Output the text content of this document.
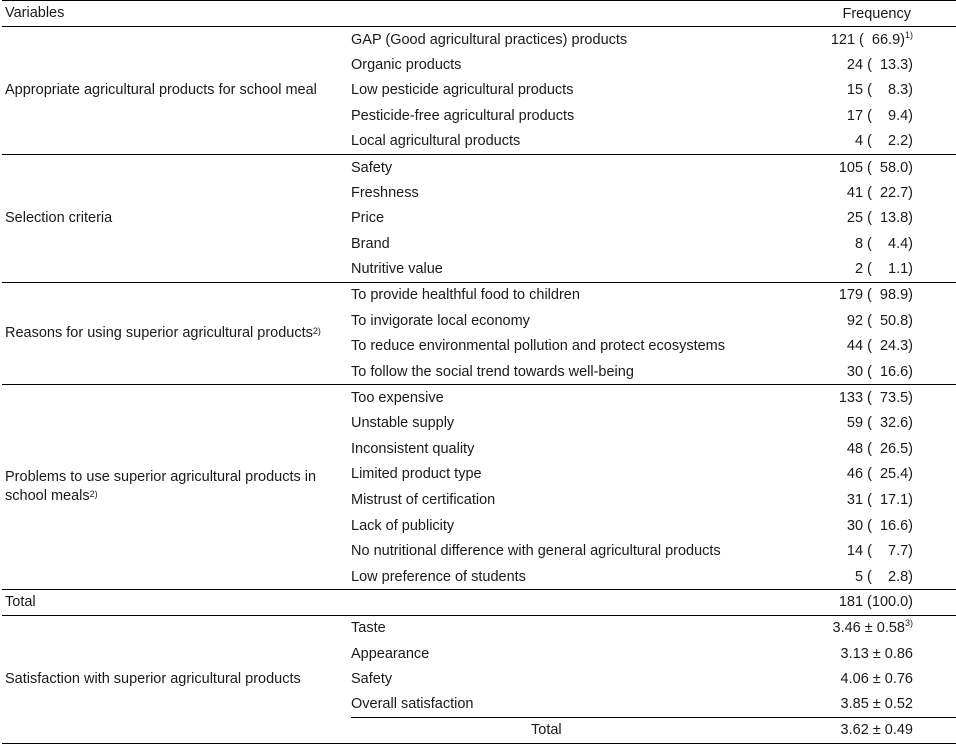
Variables		Frequency
Appropriate agricultural products for school meal	GAP (Good agricultural practices) products	121 (  66.9)$^{1)}$
	Organic products	24 (  13.3)
	Low pesticide agricultural products	15 (    8.3)
	Pesticide-free agricultural products	17 (    9.4)
	Local agricultural products	4 (    2.2)
Selection criteria	Safety	105 (  58.0)
	Freshness	41 (  22.7)
	Price	25 (  13.8)
	Brand	8 (    4.4)
	Nutritive value	2 (    1.1)
Reasons for using superior agricultural products$^{2)}$	To provide healthful food to children	179 (  98.9)
	To invigorate local economy	92 (  50.8)
	To reduce environmental pollution and protect ecosystems	44 (  24.3)
	To follow the social trend towards well-being	30 (  16.6)
Problems to use superior agricultural products in school meals$^{2)}$	Too expensive	133 (  73.5)
	Unstable supply	59 (  32.6)
	Inconsistent quality	48 (  26.5)
	Limited product type	46 (  25.4)
	Mistrust of certification	31 (  17.1)
	Lack of publicity	30 (  16.6)
	No nutritional difference with general agricultural products	14 (    7.7)
	Low preference of students	5 (    2.8)
Total		181 (100.0)
Satisfaction with superior agricultural products	Taste	$3.46 \pm 0.58^{3)}$
	Appearance	3.13 ± 0.86
	Safety	4.06 ± 0.76
	Overall satisfaction	3.85 ± 0.52
	Total	3.62 ± 0.49
